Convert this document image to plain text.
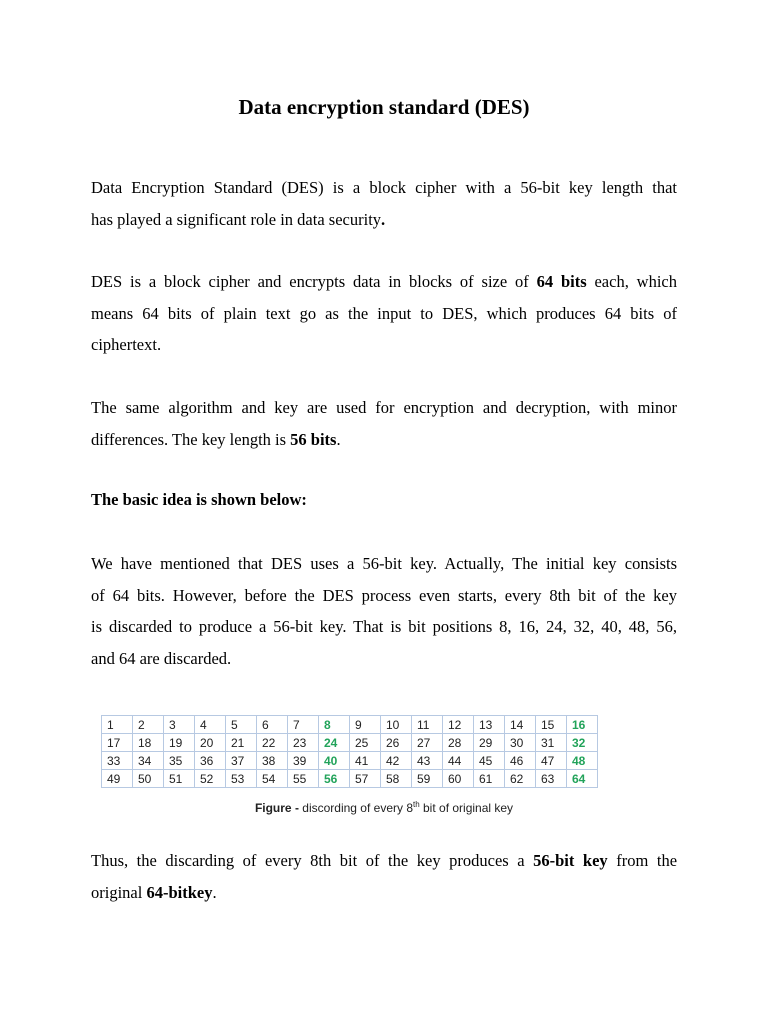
Data encryption standard (DES)

Data Encryption Standard (DES) is a block cipher with a 56-bit key length that
has played a significant role in data security.

DES is a block cipher and encrypts data in blocks of size of 64 bits each, which
means 64 bits of plain text go as the input to DES, which produces 64 bits of
ciphertext.

The same algorithm and key are used for encryption and decryption, with minor
differences. The key length is 56 bits.

The basic idea is shown below:

We have mentioned that DES uses a 56-bit key. Actually, The initial key consists
of 64 bits. However, before the DES process even starts, every 8th bit of the key
is discarded to produce a 56-bit key. That is bit positions 8, 16, 24, 32, 40, 48, 56,
and 64 are discarded.

1	2	3	4	5	6	7	8	9	10	11	12	13	14	15	16
17	18	19	20	21	22	23	24	25	26	27	28	29	30	31	32
33	34	35	36	37	38	39	40	41	42	43	44	45	46	47	48
49	50	51	52	53	54	55	56	57	58	59	60	61	62	63	64
Figure - discording of every 8th bit of original key

Thus, the discarding of every 8th bit of the key produces a 56-bit key from the
original 64-bitkey.
